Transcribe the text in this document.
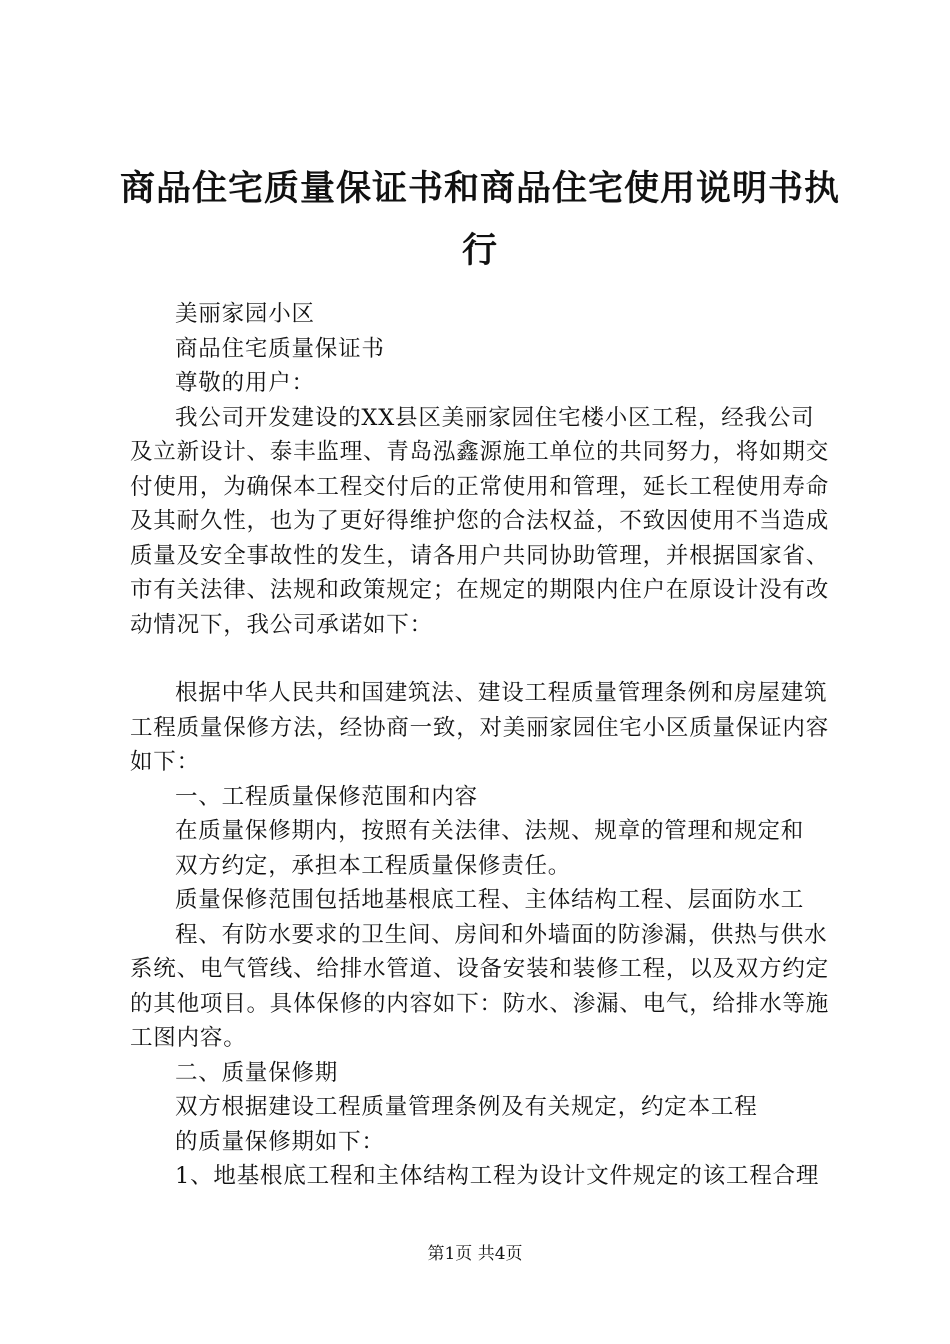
商品住宅质量保证书和商品住宅使用说明书执行

美丽家园小区

商品住宅质量保证书

尊敬的用户：

我公司开发建设的XX县区美丽家园住宅楼小区工程，经我公司及立新设计、泰丰监理、青岛泓鑫源施工单位的共同努力，将如期交付使用，为确保本工程交付后的正常使用和管理，延长工程使用寿命及其耐久性，也为了更好得维护您的合法权益，不致因使用不当造成质量及安全事故性的发生，请各用户共同协助管理，并根据国家省、市有关法律、法规和政策规定；在规定的期限内住户在原设计没有改动情况下，我公司承诺如下：

根据中华人民共和国建筑法、建设工程质量管理条例和房屋建筑工程质量保修方法，经协商一致，对美丽家园住宅小区质量保证内容如下：

一、工程质量保修范围和内容

在质量保修期内，按照有关法律、法规、规章的管理和规定和

双方约定，承担本工程质量保修责任。

质量保修范围包括地基根底工程、主体结构工程、层面防水工

程、有防水要求的卫生间、房间和外墙面的防渗漏，供热与供水系统、电气管线、给排水管道、设备安装和装修工程，以及双方约定的其他项目。具体保修的内容如下：防水、渗漏、电气，给排水等施工图内容。

二、质量保修期

双方根据建设工程质量管理条例及有关规定，约定本工程

的质量保修期如下：

1、地基根底工程和主体结构工程为设计文件规定的该工程合理

第1页 共4页
